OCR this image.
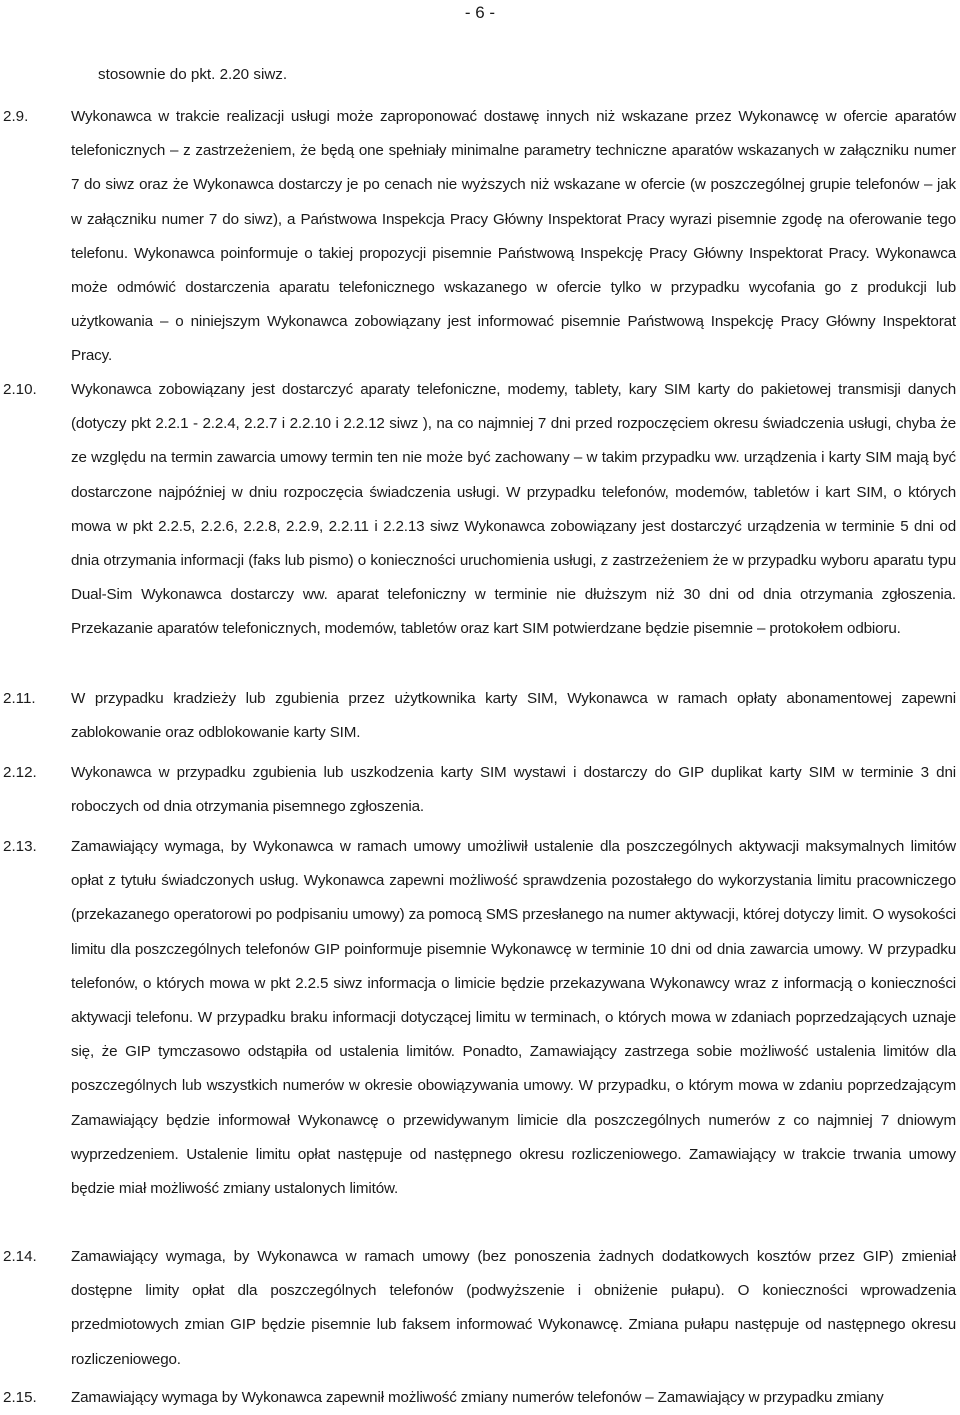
- 6 -
stosownie do pkt. 2.20 siwz.
2.9.	Wykonawca w trakcie realizacji usługi może zaproponować dostawę innych niż wskazane przez Wykonawcę w ofercie aparatów telefonicznych – z zastrzeżeniem, że będą one spełniały minimalne parametry techniczne aparatów wskazanych w załączniku numer 7 do siwz oraz że Wykonawca dostarczy je po cenach nie wyższych niż wskazane w ofercie (w poszczególnej grupie telefonów – jak w załączniku numer 7 do siwz), a Państwowa Inspekcja Pracy Główny Inspektorat Pracy wyrazi pisemnie zgodę na oferowanie tego telefonu. Wykonawca poinformuje o takiej propozycji pisemnie Państwową Inspekcję Pracy Główny Inspektorat Pracy. Wykonawca może odmówić dostarczenia aparatu telefonicznego wskazanego w ofercie tylko w przypadku wycofania go z produkcji lub użytkowania – o niniejszym Wykonawca zobowiązany jest informować pisemnie Państwową Inspekcję Pracy Główny Inspektorat Pracy.
2.10. Wykonawca zobowiązany jest dostarczyć aparaty telefoniczne, modemy, tablety, kary SIM karty do pakietowej transmisji danych (dotyczy pkt 2.2.1 - 2.2.4, 2.2.7 i 2.2.10 i 2.2.12 siwz ), na co najmniej 7 dni przed rozpoczęciem okresu świadczenia usługi, chyba że ze względu na termin zawarcia umowy termin ten nie może być zachowany – w takim przypadku ww. urządzenia i karty SIM mają być dostarczone najpóźniej w dniu rozpoczęcia świadczenia usługi. W przypadku telefonów, modemów, tabletów i kart SIM, o których mowa w pkt 2.2.5, 2.2.6, 2.2.8, 2.2.9, 2.2.11 i 2.2.13 siwz Wykonawca zobowiązany jest dostarczyć urządzenia w terminie 5 dni od dnia otrzymania informacji (faks lub pismo) o konieczności uruchomienia usługi, z zastrzeżeniem że w przypadku wyboru aparatu typu Dual-Sim Wykonawca dostarczy ww. aparat telefoniczny w terminie nie dłuższym niż 30 dni od dnia otrzymania zgłoszenia. Przekazanie aparatów telefonicznych, modemów, tabletów oraz kart SIM potwierdzane będzie pisemnie – protokołem odbioru.
2.11. W przypadku kradzieży lub zgubienia przez użytkownika karty SIM, Wykonawca w ramach opłaty abonamentowej zapewni zablokowanie oraz odblokowanie karty SIM.
2.12. Wykonawca w przypadku zgubienia lub uszkodzenia karty SIM wystawi i dostarczy do GIP duplikat karty SIM w terminie 3 dni roboczych od dnia otrzymania pisemnego zgłoszenia.
2.13. Zamawiający wymaga, by Wykonawca w ramach umowy umożliwił ustalenie dla poszczególnych aktywacji maksymalnych limitów opłat z tytułu świadczonych usług. Wykonawca zapewni możliwość sprawdzenia pozostałego do wykorzystania limitu pracowniczego (przekazanego operatorowi po podpisaniu umowy) za pomocą SMS przesłanego na numer aktywacji, której dotyczy limit. O wysokości limitu dla poszczególnych telefonów GIP poinformuje pisemnie Wykonawcę w terminie 10 dni od dnia zawarcia umowy. W przypadku telefonów, o których mowa w pkt 2.2.5 siwz informacja o limicie będzie przekazywana Wykonawcy wraz z informacją o konieczności aktywacji telefonu. W przypadku braku informacji dotyczącej limitu w terminach, o których mowa w zdaniach poprzedzających uznaje się, że GIP tymczasowo odstąpiła od ustalenia limitów. Ponadto, Zamawiający zastrzega sobie możliwość ustalenia limitów dla poszczególnych lub wszystkich numerów w okresie obowiązywania umowy. W przypadku, o którym mowa w zdaniu poprzedzającym Zamawiający będzie informował Wykonawcę o przewidywanym limicie dla poszczególnych numerów z co najmniej 7 dniowym wyprzedzeniem. Ustalenie limitu opłat następuje od następnego okresu rozliczeniowego. Zamawiający w trakcie trwania umowy będzie miał możliwość zmiany ustalonych limitów.
2.14. Zamawiający wymaga, by Wykonawca w ramach umowy (bez ponoszenia żadnych dodatkowych kosztów przez GIP) zmieniał dostępne limity opłat dla poszczególnych telefonów (podwyższenie i obniżenie pułapu). O konieczności wprowadzenia przedmiotowych zmian GIP będzie pisemnie lub faksem informować Wykonawcę. Zmiana pułapu następuje od następnego okresu rozliczeniowego.
2.15. Zamawiający wymaga by Wykonawca zapewnił możliwość zmiany numerów telefonów – Zamawiający w przypadku zmiany
